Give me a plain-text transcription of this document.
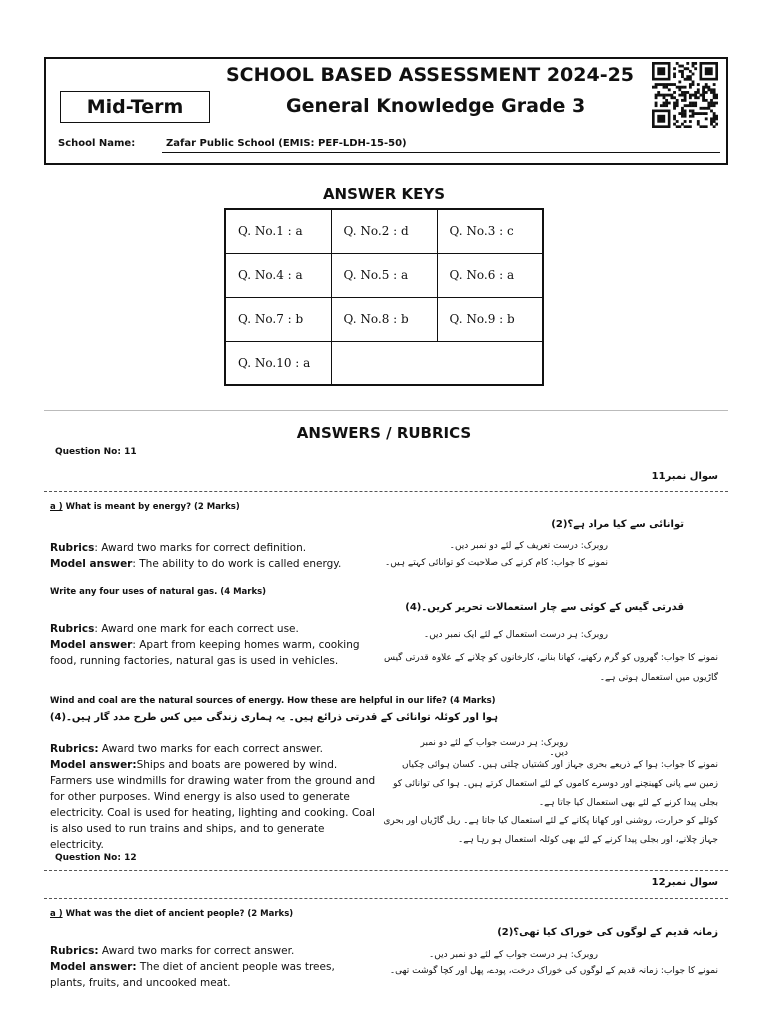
SCHOOL BASED ASSESSMENT 2024-25
Mid-Term	General Knowledge Grade 3
School Name:	Zafar Public School (EMIS: PEF-LDH-15-50)
ANSWER KEYS
Q. No.1 : a	Q. No.2 : d	Q. No.3 : c
Q. No.4 : a	Q. No.5 : a	Q. No.6 : a
Q. No.7 : b	Q. No.8 : b	Q. No.9 : b
Q. No.10 : a		
ANSWERS / RUBRICS
Question No: 11
سوال نمبر11
a ) What is meant by energy? (2 Marks)
توانائی سے کیا مراد ہے؟(2)
Rubrics: Award two marks for correct definition.
Model answer: The ability to do work is called energy.
روبرک: درست تعریف کے لئے دو نمبر دیں۔
نمونے کا جواب: کام کرنے کی صلاحیت کو توانائی کہتے ہیں۔
Write any four uses of natural gas. (4 Marks)
قدرتی گیس کے کوئی سے چار استعمالات تحریر کریں۔(4)
Rubrics: Award one mark for each correct use.
Model answer: Apart from keeping homes warm, cooking food, running factories, natural gas is used in vehicles.
روبرک: ہر درست استعمال کے لئے ایک نمبر دیں۔
نمونے کا جواب: گھروں کو گرم رکھنے، کھانا بنانے، کارخانوں کو چلانے کے علاوہ قدرتی گیس گاڑیوں میں استعمال ہوتی ہے۔
Wind and coal are the natural sources of energy. How these are helpful in our life? (4 Marks)
ہوا اور کوئلہ توانائی کے قدرتی ذرائع ہیں۔ یہ ہماری زندگی میں کس طرح مدد گار ہیں۔(4)
Rubrics: Award two marks for each correct answer.
Model answer:Ships and boats are powered by wind. Farmers use windmills for drawing water from the ground and for other purposes. Wind energy is also used to generate electricity. Coal is used for heating, lighting and cooking. Coal is also used to run trains and ships, and to generate electricity.
روبرک: ہر درست جواب کے لئے دو نمبر دیں۔
نمونے کا جواب: ہوا کے ذریعے بحری جہاز اور کشتیاں چلتی ہیں۔ کسان ہوائی چکیاں زمین سے پانی کھینچنے اور دوسرے کاموں کے لئے استعمال کرتے ہیں۔ ہوا کی توانائی کو بجلی پیدا کرنے کے لئے بھی استعمال کیا جاتا ہے۔
کوئلے کو حرارت، روشنی اور کھانا پکانے کے لئے استعمال کیا جاتا ہے۔ ریل گاڑیاں اور بحری جہاز چلانے، اور بجلی پیدا کرنے کے لئے بھی کوئلہ استعمال ہو رہا ہے۔
Question No: 12
سوال نمبر12
a ) What was the diet of ancient people? (2 Marks)
زمانہ قدیم کے لوگوں کی خوراک کیا تھی؟(2)
Rubrics: Award two marks for correct answer.
Model answer: The diet of ancient people was trees, plants, fruits, and uncooked meat.
روبرک: ہر درست جواب کے لئے دو نمبر دیں۔
نمونے کا جواب: زمانہ قدیم کے لوگوں کی خوراک درخت، پودے، پھل اور کچا گوشت تھی۔
